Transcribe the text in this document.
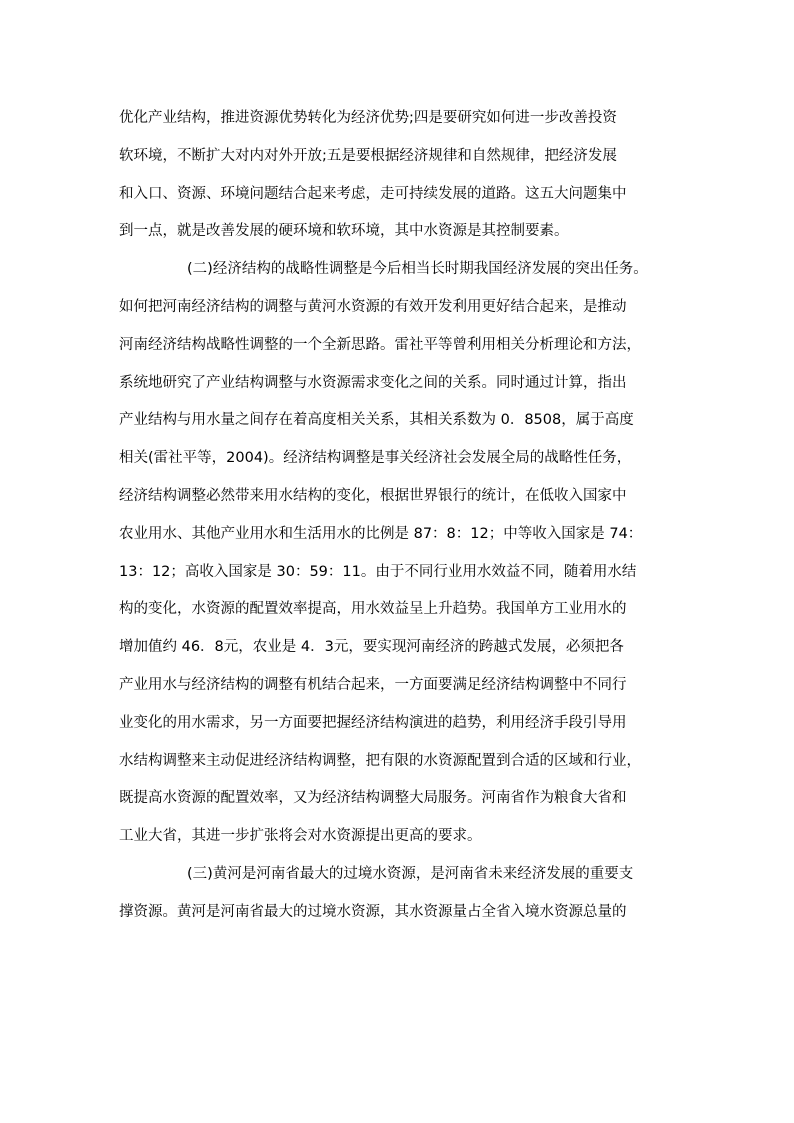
优化产业结构，推进资源优势转化为经济优势;四是要研究如何进一步改善投资
软环境，不断扩大对内对外开放;五是要根据经济规律和自然规律，把经济发展
和入口、资源、环境问题结合起来考虑，走可持续发展的道路。这五大问题集中
到一点，就是改善发展的硬环境和软环境，其中水资源是其控制要素。
(二)经济结构的战略性调整是今后相当长时期我国经济发展的突出任务。
如何把河南经济结构的调整与黄河水资源的有效开发利用更好结合起来，是推动
河南经济结构战略性调整的一个全新思路。雷社平等曾利用相关分析理论和方法，
系统地研究了产业结构调整与水资源需求变化之间的关系。同时通过计算，指出
产业结构与用水量之间存在着高度相关关系，其相关系数为 0．8508，属于高度
相关(雷社平等，2004)。经济结构调整是事关经济社会发展全局的战略性任务，
经济结构调整必然带来用水结构的变化，根据世界银行的统计，在低收入国家中
农业用水、其他产业用水和生活用水的比例是 87：8：12；中等收入国家是 74：
13：12；高收入国家是 30：59：11。由于不同行业用水效益不同，随着用水结
构的变化，水资源的配置效率提高，用水效益呈上升趋势。我国单方工业用水的
增加值约 46．8元，农业是 4．3元，要实现河南经济的跨越式发展，必须把各
产业用水与经济结构的调整有机结合起来，一方面要满足经济结构调整中不同行
业变化的用水需求，另一方面要把握经济结构演进的趋势，利用经济手段引导用
水结构调整来主动促进经济结构调整，把有限的水资源配置到合适的区域和行业，
既提高水资源的配置效率，又为经济结构调整大局服务。河南省作为粮食大省和
工业大省，其进一步扩张将会对水资源提出更高的要求。
(三)黄河是河南省最大的过境水资源，是河南省未来经济发展的重要支
撑资源。黄河是河南省最大的过境水资源，其水资源量占全省入境水资源总量的
